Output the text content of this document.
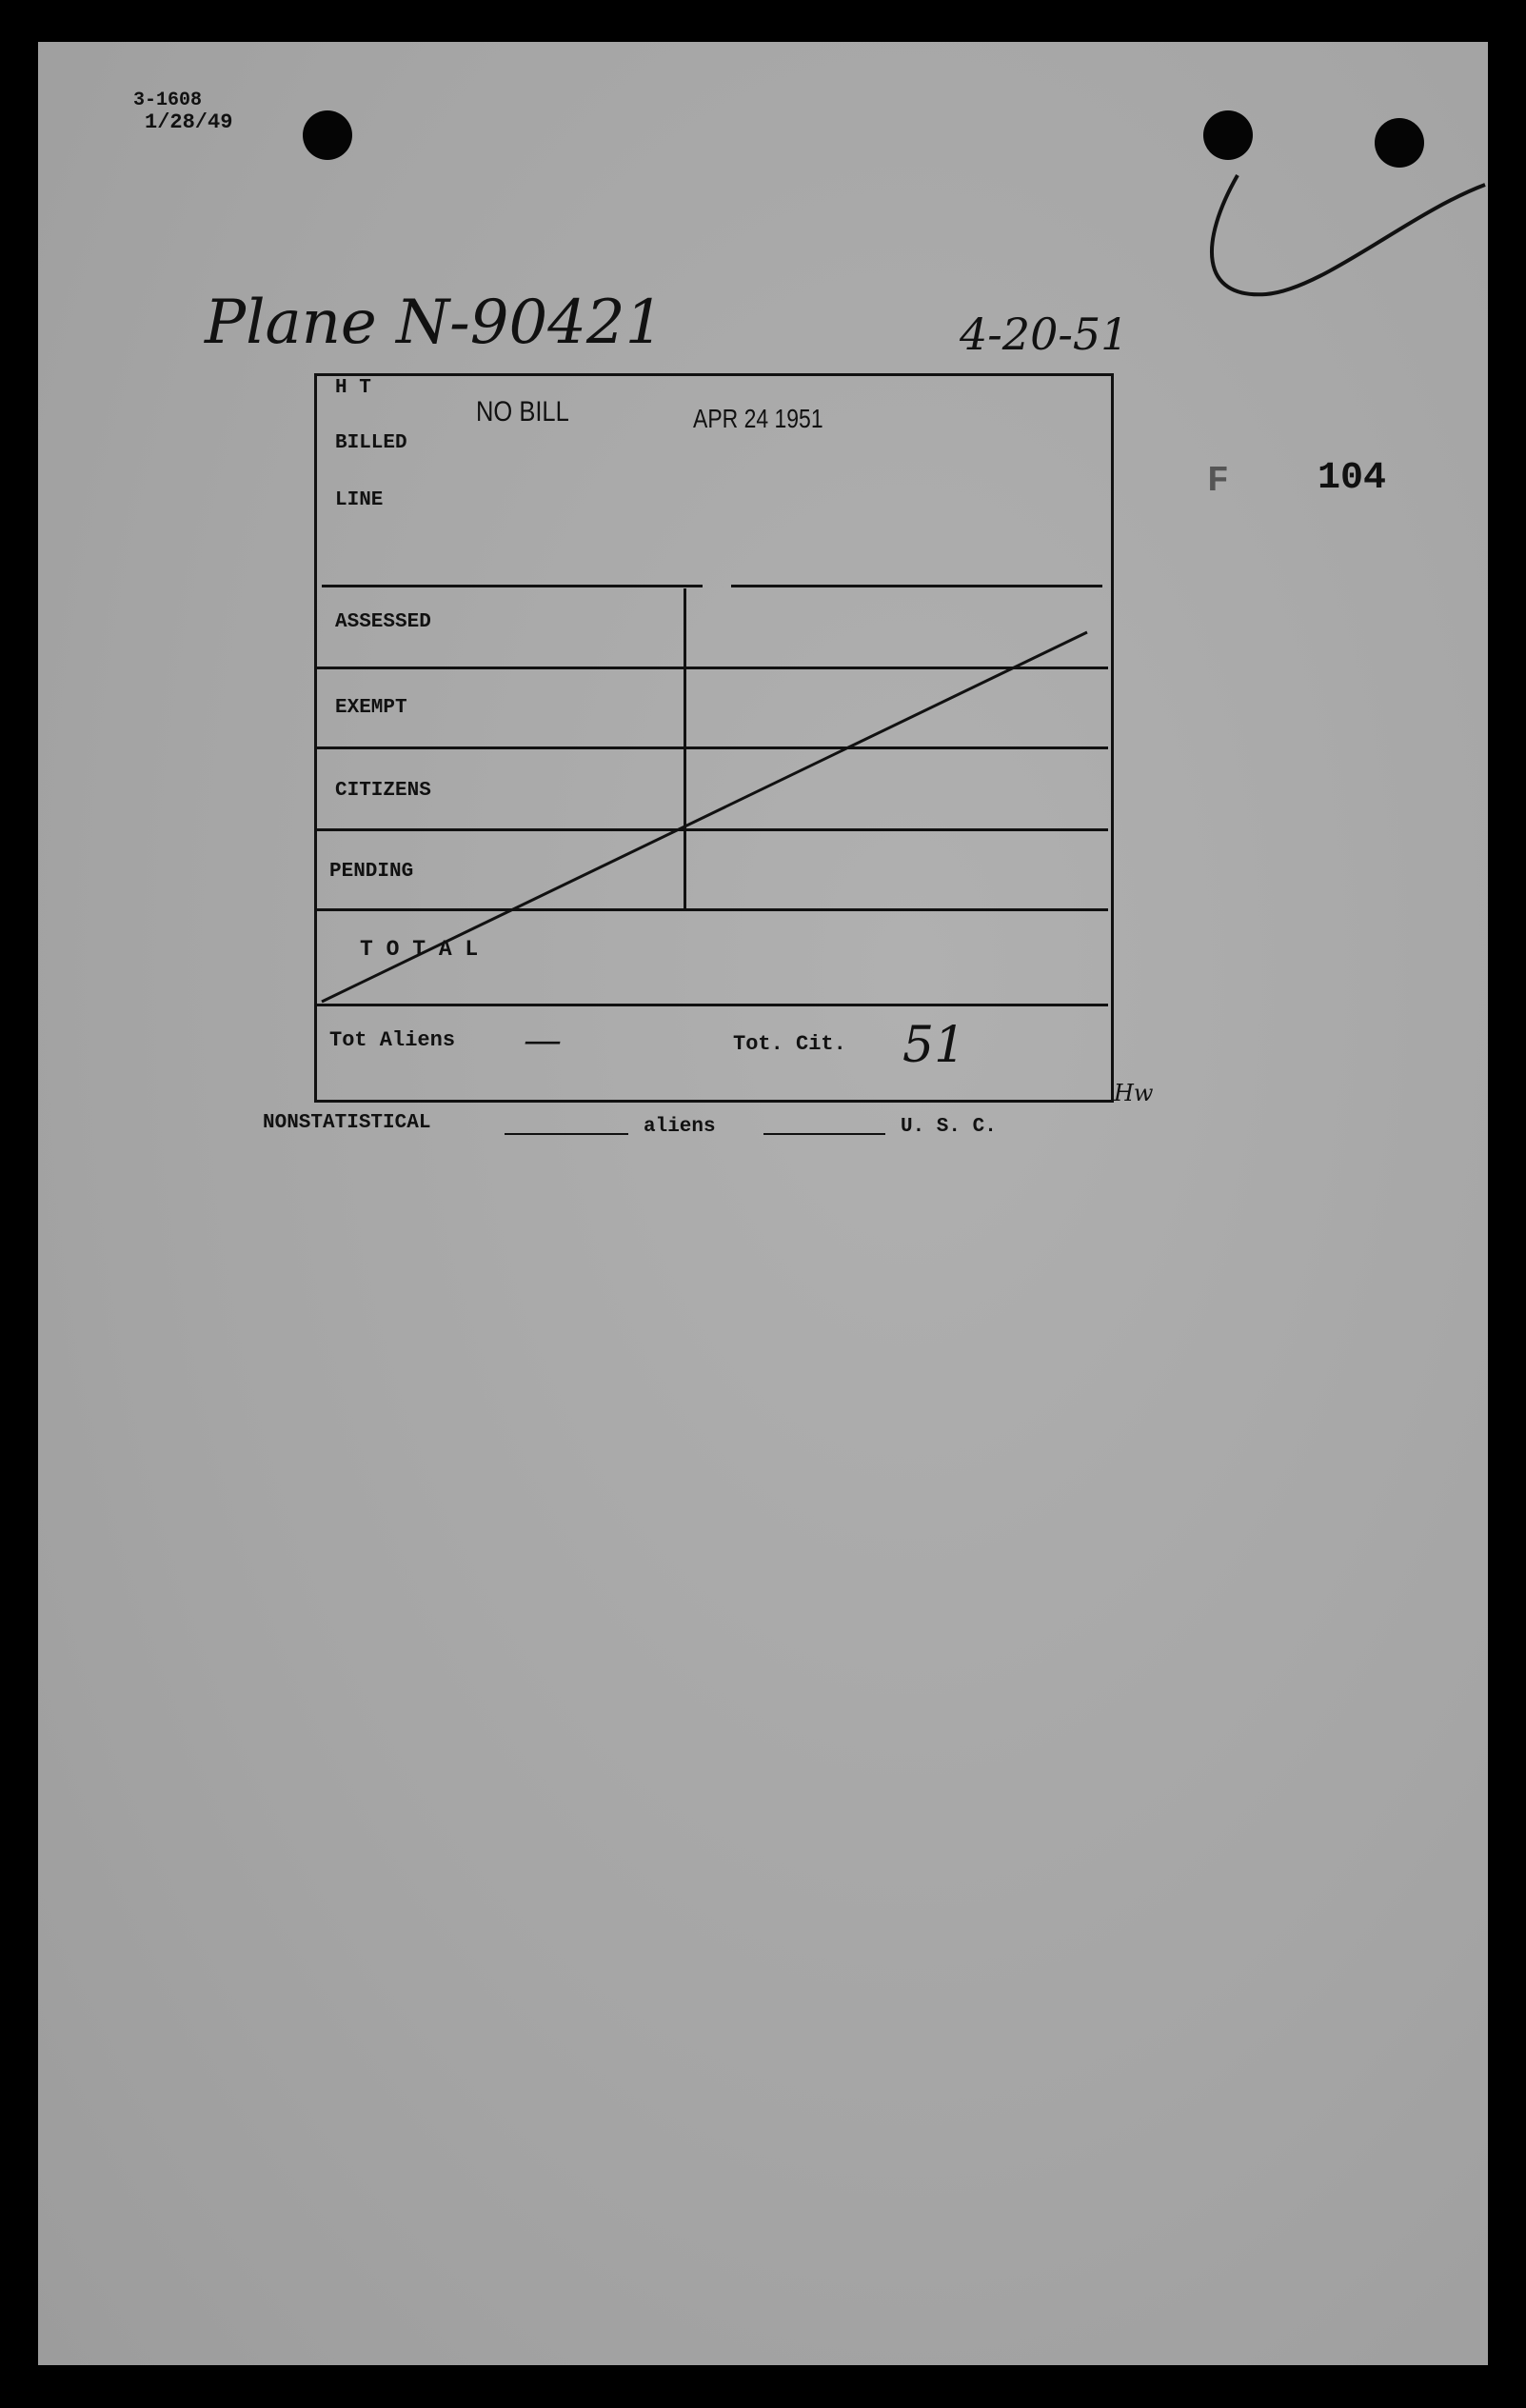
3-1608
1/28/49
Plane N-90421	4-20-51
F 104
H T
BILLED
LINE
NO BILL	APR 24 1951
ASSESSED
EXEMPT
CITIZENS
PENDING
T O T A L
Tot Aliens —	Tot. Cit. 51
Hw
NONSTATISTICAL	aliens	U. S. C.
